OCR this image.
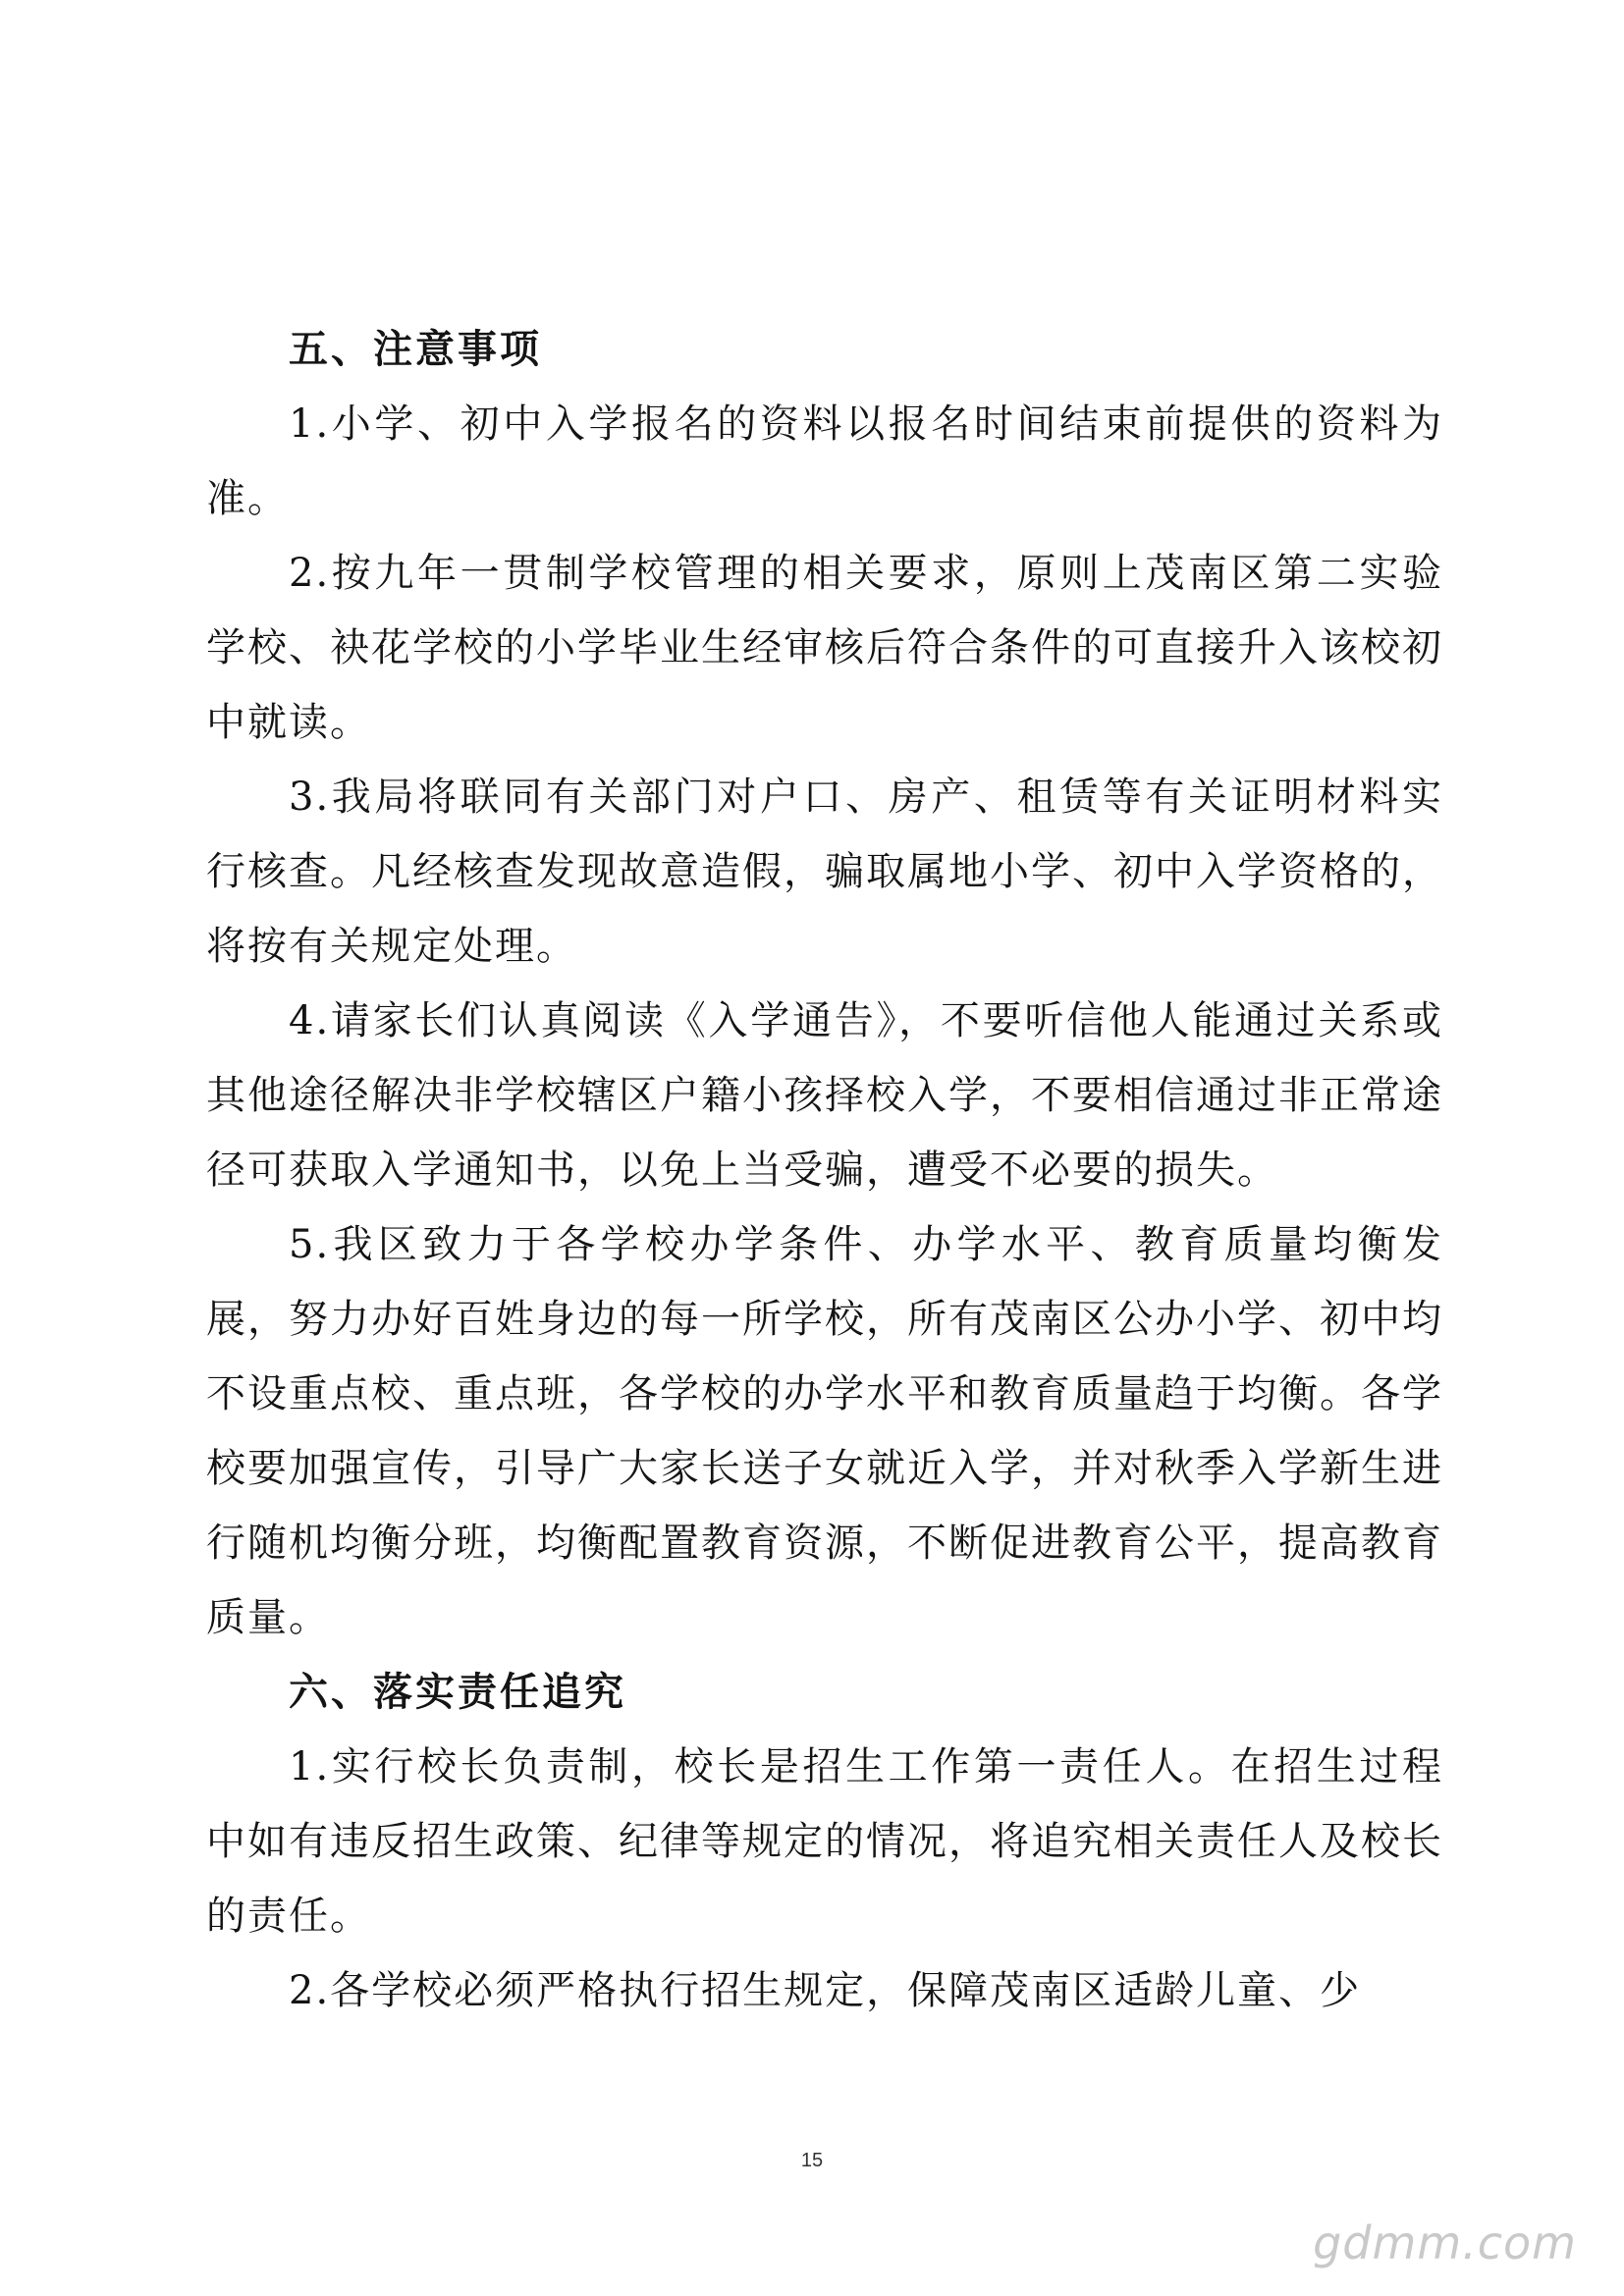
五、注意事项

1.小学、初中入学报名的资料以报名时间结束前提供的资料为准。

2.按九年一贯制学校管理的相关要求，原则上茂南区第二实验学校、袂花学校的小学毕业生经审核后符合条件的可直接升入该校初中就读。

3.我局将联同有关部门对户口、房产、租赁等有关证明材料实行核查。凡经核查发现故意造假，骗取属地小学、初中入学资格的，将按有关规定处理。

4.请家长们认真阅读《入学通告》，不要听信他人能通过关系或其他途径解决非学校辖区户籍小孩择校入学，不要相信通过非正常途径可获取入学通知书，以免上当受骗，遭受不必要的损失。

5.我区致力于各学校办学条件、办学水平、教育质量均衡发展，努力办好百姓身边的每一所学校，所有茂南区公办小学、初中均不设重点校、重点班，各学校的办学水平和教育质量趋于均衡。各学校要加强宣传，引导广大家长送子女就近入学，并对秋季入学新生进行随机均衡分班，均衡配置教育资源，不断促进教育公平，提高教育质量。

六、落实责任追究

1.实行校长负责制，校长是招生工作第一责任人。在招生过程中如有违反招生政策、纪律等规定的情况，将追究相关责任人及校长的责任。

2.各学校必须严格执行招生规定，保障茂南区适龄儿童、少

15
gdmm.com
